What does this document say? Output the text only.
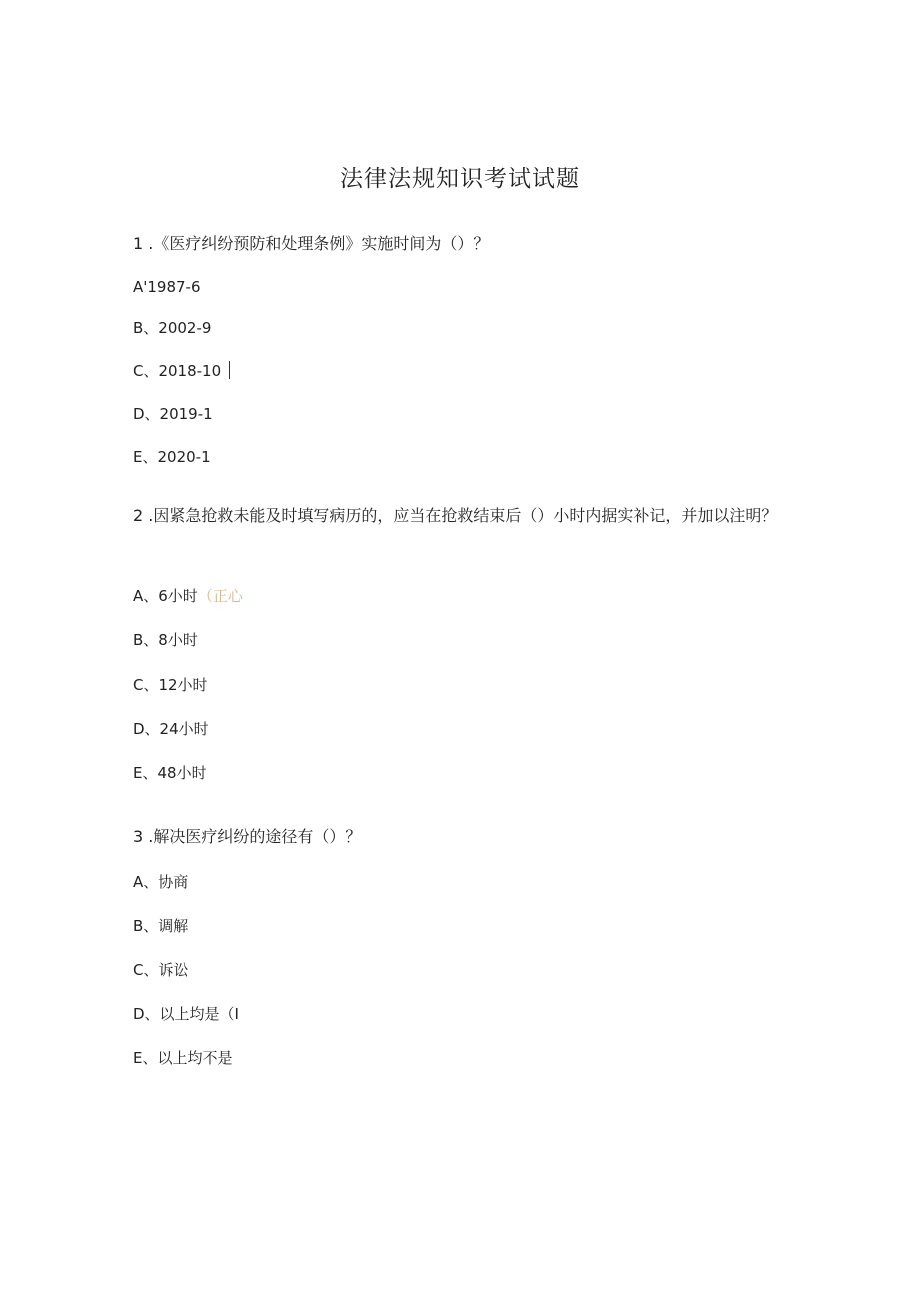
法律法规知识考试试题
1 .《医疗纠纷预防和处理条例》实施时间为（）？
A'1987-6
B、2002-9
C、2018-10
D、2019-1
E、2020-1
2 .因紧急抢救未能及时填写病历的，应当在抢救结束后（）小时内据实补记，并加以注明？
A、6小时（正心
B、8小时
C、12小时
D、24小时
E、48小时
3 .解决医疗纠纷的途径有（）？
A、协商
B、调解
C、诉讼
D、以上均是（I
E、以上均不是
